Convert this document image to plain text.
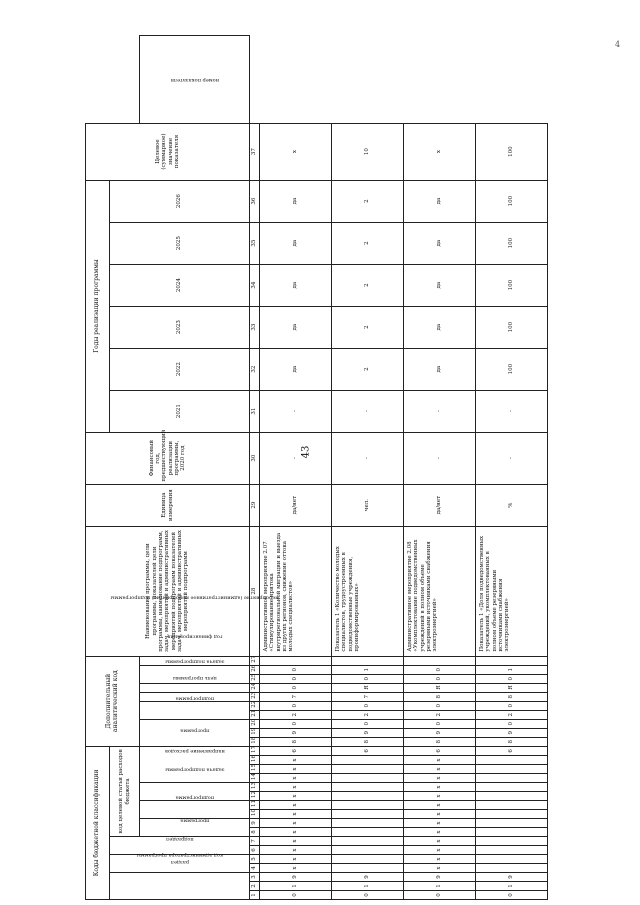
43
4
Коды бюджетной классификации																	Дополнительный аналитический код										Наименование программы, цели программы, показателей цели программы, наименование подпрограмм, задач, мероприятий и административных мероприятий подпрограмм показателей задач, мероприятий и административных мероприятий подпрограмм	Единица измерения	Финансовый год, предшествующий реализации программы, 2020 год	Годы реализации программы						Целевое (суммарное) значение показателя	
код администратора программы			раздел		подраздел		код целевой статьи расходов бюджета																							2021	2022	2023	2024	2025	2026		
							программа		подпрограмма		задача подпрограммы		направление расходов				программа			подпрограмма		цель программы	задача подпрограммы	мероприятие (административное мероприятие) подпрограммы		год финансирования											номер показателя
1	2	3	4	5	6	7	8	9	10	11	12	13	14	15	16	17	18	19	20	21	22	23	24	25	26	27	28	29	30	31	32	33	34	35	36	37	
0	1	9	х	х	х	х	х	х	х	х	х	х	х	х	х	6	8	9	0	2	0	7	0	0	0		Административное мероприятие 2.07 «Стимулирование притока внутрирегиональной миграции и выезда из других регионов, снижение оттока молодых специалистов»	да/нет	-	-	да	да	да	да	да	х	
0	1	9														6	8	9	0	2	0	7	Я	0	1		Показатель 1 «Количество молодых специалистов, трудоустроенных в подведомственные учреждения, проинформированных»	чел.	-	-	2	2	2	2	2	10	
0	1	9	х	х	х	х	х	х	х	х	х	х	х	х	х	6	8	9	0	2	0	8	Я	0	0		Административное мероприятие 2.08 «Укомплектование подведомственных учреждений в полном объеме резервными источниками снабжения электроэнергией»	да/нет	-	-	да	да	да	да	да	х	
0	1	9														6	8	9	0	2	0	8	Я	0	1		Показатель 1 «Доля подведомственных учреждений, укомплектованных в полном объеме резервными источниками снабжения электроэнергией»	%	-	-	100	100	100	100	100	100	
